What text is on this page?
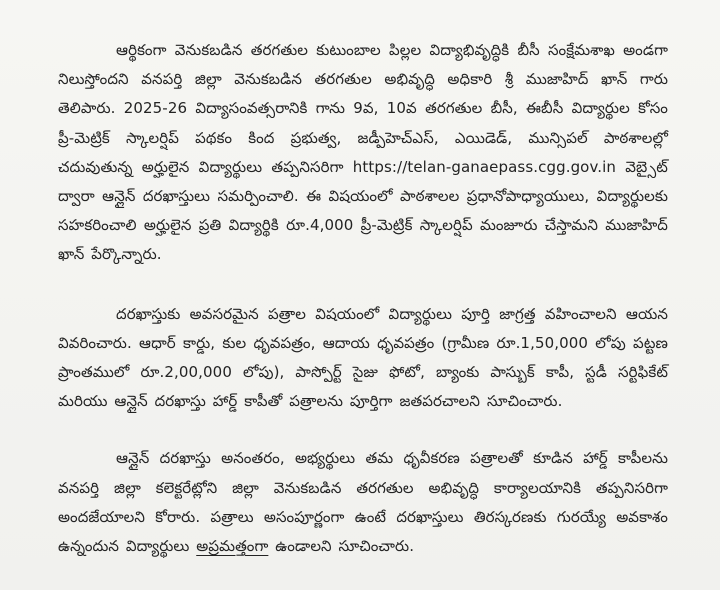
ఆర్థికంగా వెనుకబడిన తరగతుల కుటుంబాల పిల్లల విద్యాభివృద్ధికి బీసీ సంక్షేమశాఖ అండగా నిలుస్తోందని వనపర్తి జిల్లా వెనుకబడిన తరగతుల అభివృద్ధి అధికారి శ్రీ ముజాహిద్ ఖాన్ గారు తెలిపారు. 2025-26 విద్యాసంవత్సరానికి గాను 9వ, 10వ తరగతుల బీసీ, ఈబీసీ విద్యార్థుల కోసం ప్రీ-మెట్రిక్ స్కాలర్షిప్ పథకం కింద ప్రభుత్వ, జడ్పీహెచ్ఎస్, ఎయిడెడ్, మున్సిపల్ పాఠశాలల్లో చదువుతున్న అర్హులైన విద్యార్థులు తప్పనిసరిగా https://telan-ganaepass.cgg.gov.in వెబ్సైట్ ద్వారా ఆన్లైన్ దరఖాస్తులు సమర్పించాలి. ఈ విషయంలో పాఠశాలల ప్రధానోపాధ్యాయులు, విద్యార్థులకు సహకరించాలి అర్హులైన ప్రతి విద్యార్థికి రూ.4,000 ప్రీ-మెట్రిక్ స్కాలర్షిప్ మంజూరు చేస్తామని ముజాహిద్ ఖాన్ పేర్కొన్నారు.

దరఖాస్తుకు అవసరమైన పత్రాల విషయంలో విద్యార్థులు పూర్తి జాగ్రత్త వహించాలని ఆయన వివరించారు. ఆధార్ కార్డు, కుల ధృవపత్రం, ఆదాయ ధృవపత్రం (గ్రామీణ రూ.1,50,000 లోపు పట్టణ ప్రాంతములో రూ.2,00,000 లోపు), పాస్పోర్ట్ సైజు ఫోటో, బ్యాంకు పాస్బుక్ కాపీ, స్టడీ సర్టిఫికేట్ మరియు ఆన్లైన్ దరఖాస్తు హార్డ్ కాపీతో పత్రాలను పూర్తిగా జతపరచాలని సూచించారు.

ఆన్లైన్ దరఖాస్తు అనంతరం, అభ్యర్థులు తమ ధృవీకరణ పత్రాలతో కూడిన హార్డ్ కాపీలను వనపర్తి జిల్లా కలెక్టరేట్లోని జిల్లా వెనుకబడిన తరగతుల అభివృద్ధి కార్యాలయానికి తప్పనిసరిగా అందజేయాలని కోరారు. పత్రాలు అసంపూర్ణంగా ఉంటే దరఖాస్తులు తిరస్కరణకు గురయ్యే అవకాశం ఉన్నందున విద్యార్థులు అప్రమత్తంగా ఉండాలని సూచించారు.
